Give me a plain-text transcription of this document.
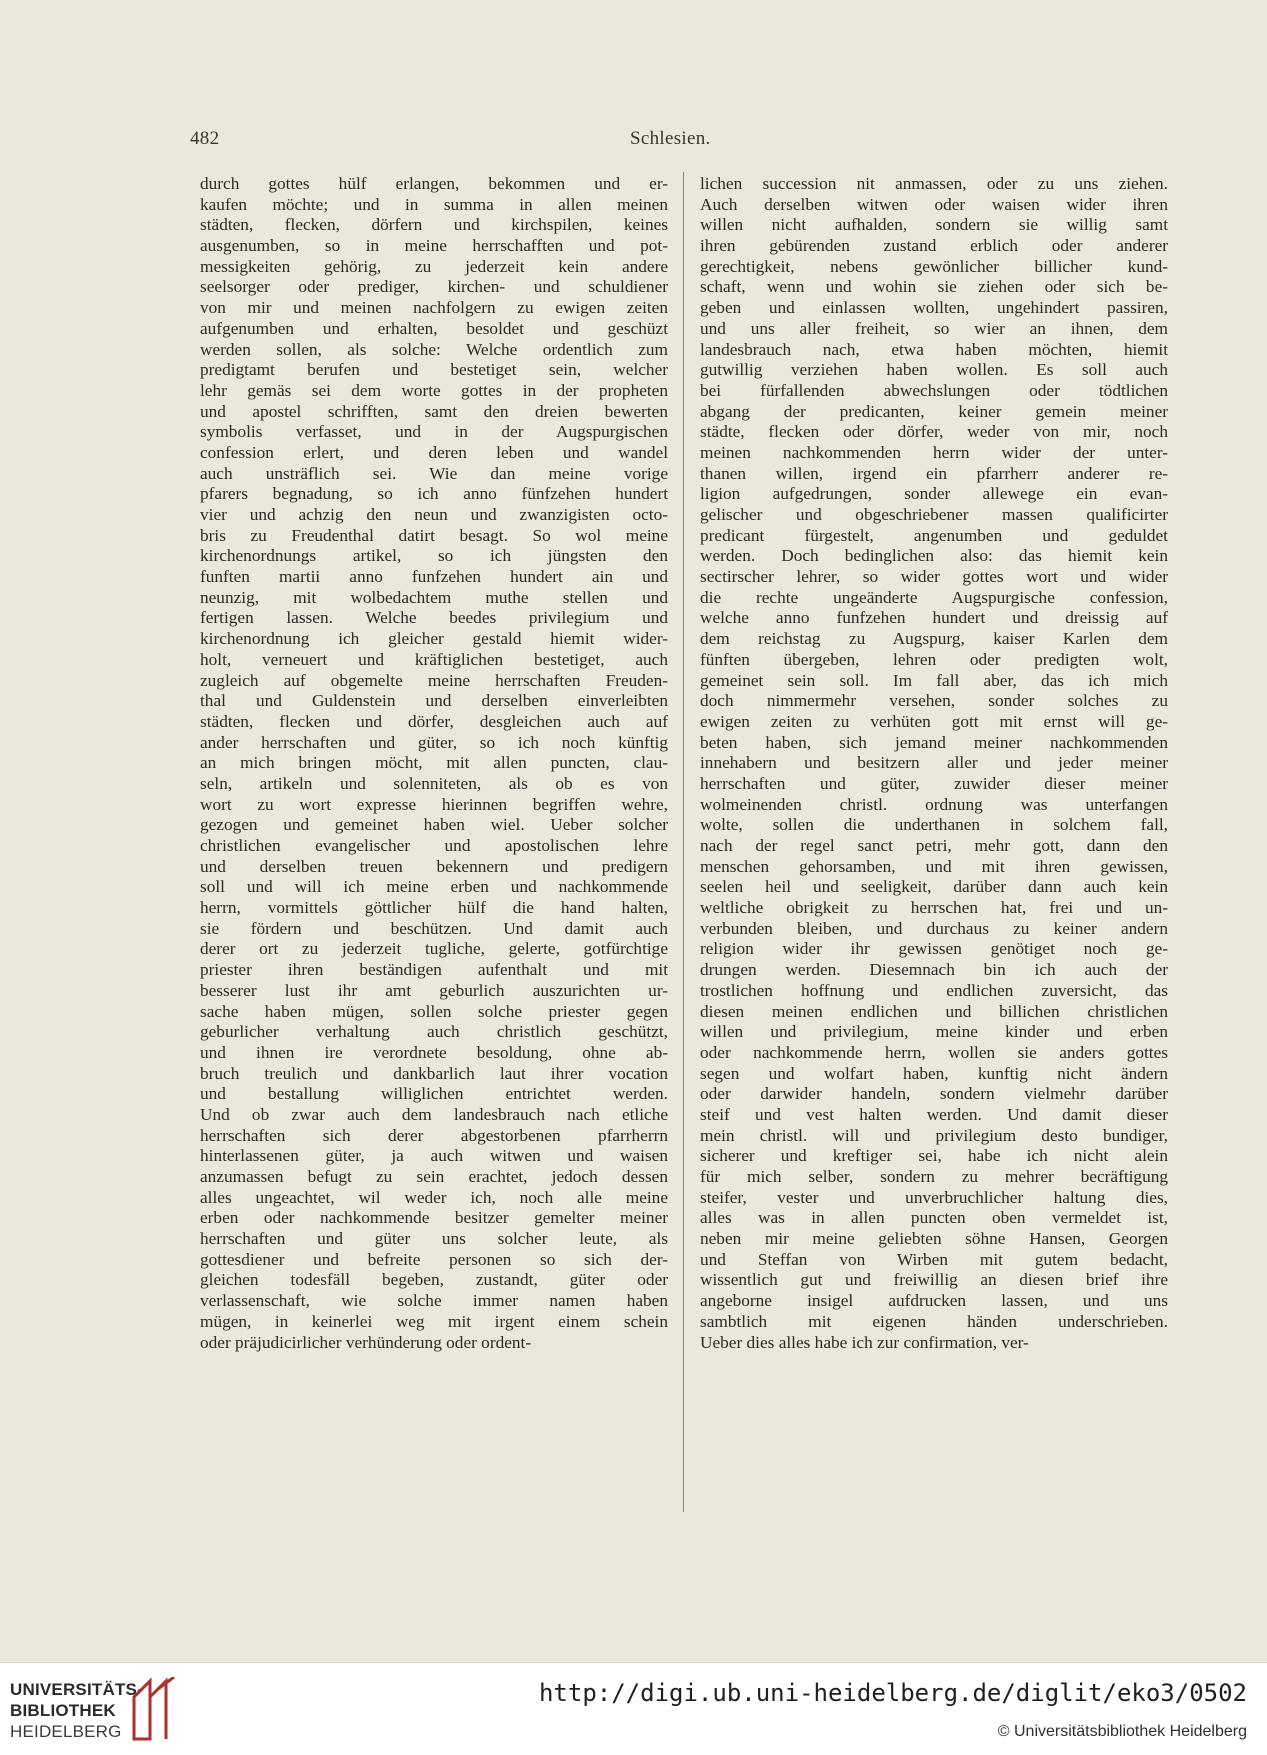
482	Schlesien.
durch gottes hülf erlangen, bekommen und er-
kaufen möchte; und in summa in allen meinen
städten, flecken, dörfern und kirchspilen, keines
ausgenumben, so in meine herrschafften und pot-
messigkeiten gehörig, zu jederzeit kein andere
seelsorger oder prediger, kirchen- und schuldiener
von mir und meinen nachfolgern zu ewigen zeiten
aufgenumben und erhalten, besoldet und geschüzt
werden sollen, als solche: Welche ordentlich zum
predigtamt berufen und bestetiget sein, welcher
lehr gemäs sei dem worte gottes in der propheten
und apostel schrifften, samt den dreien bewerten
symbolis verfasset, und in der Augspurgischen
confession erlert, und deren leben und wandel
auch unsträflich sei. Wie dan meine vorige
pfarers begnadung, so ich anno fünfzehen hundert
vier und achzig den neun und zwanzigisten octo-
bris zu Freudenthal datirt besagt. So wol meine
kirchenordnungs artikel, so ich jüngsten den
funften martii anno funfzehen hundert ain und
neunzig, mit wolbedachtem muthe stellen und
fertigen lassen. Welche beedes privilegium und
kirchenordnung ich gleicher gestald hiemit wider-
holt, verneuert und kräftiglichen bestetiget, auch
zugleich auf obgemelte meine herrschaften Freuden-
thal und Guldenstein und derselben einverleibten
städten, flecken und dörfer, desgleichen auch auf
ander herrschaften und güter, so ich noch künftig
an mich bringen möcht, mit allen puncten, clau-
seln, artikeln und solenniteten, als ob es von
wort zu wort expresse hierinnen begriffen wehre,
gezogen und gemeinet haben wiel. Ueber solcher
christlichen evangelischer und apostolischen lehre
und derselben treuen bekennern und predigern
soll und will ich meine erben und nachkommende
herrn, vormittels göttlicher hülf die hand halten,
sie fördern und beschützen. Und damit auch
derer ort zu jederzeit tugliche, gelerte, gotfürchtige
priester ihren beständigen aufenthalt und mit
besserer lust ihr amt geburlich auszurichten ur-
sache haben mügen, sollen solche priester gegen
geburlicher verhaltung auch christlich geschützt,
und ihnen ire verordnete besoldung, ohne ab-
bruch treulich und dankbarlich laut ihrer vocation
und bestallung williglichen entrichtet werden.
Und ob zwar auch dem landesbrauch nach etliche
herrschaften sich derer abgestorbenen pfarrherrn
hinterlassenen güter, ja auch witwen und waisen
anzumassen befugt zu sein erachtet, jedoch dessen
alles ungeachtet, wil weder ich, noch alle meine
erben oder nachkommende besitzer gemelter meiner
herrschaften und güter uns solcher leute, als
gottesdiener und befreite personen so sich der-
gleichen todesfäll begeben, zustandt, güter oder
verlassenschaft, wie solche immer namen haben
mügen, in keinerlei weg mit irgent einem schein
oder präjudicirlicher verhünderung oder ordent-
lichen succession nit anmassen, oder zu uns ziehen.
Auch derselben witwen oder waisen wider ihren
willen nicht aufhalden, sondern sie willig samt
ihren gebürenden zustand erblich oder anderer
gerechtigkeit, nebens gewönlicher billicher kund-
schaft, wenn und wohin sie ziehen oder sich be-
geben und einlassen wollten, ungehindert passiren,
und uns aller freiheit, so wier an ihnen, dem
landesbrauch nach, etwa haben möchten, hiemit
gutwillig verziehen haben wollen. Es soll auch
bei fürfallenden abwechslungen oder tödtlichen
abgang der predicanten, keiner gemein meiner
städte, flecken oder dörfer, weder von mir, noch
meinen nachkommenden herrn wider der unter-
thanen willen, irgend ein pfarrherr anderer re-
ligion aufgedrungen, sonder allewege ein evan-
gelischer und obgeschriebener massen qualificirter
predicant fürgestelt, angenumben und geduldet
werden. Doch bedinglichen also: das hiemit kein
sectirscher lehrer, so wider gottes wort und wider
die rechte ungeänderte Augspurgische confession,
welche anno funfzehen hundert und dreissig auf
dem reichstag zu Augspurg, kaiser Karlen dem
fünften übergeben, lehren oder predigten wolt,
gemeinet sein soll. Im fall aber, das ich mich
doch nimmermehr versehen, sonder solches zu
ewigen zeiten zu verhüten gott mit ernst will ge-
beten haben, sich jemand meiner nachkommenden
innehabern und besitzern aller und jeder meiner
herrschaften und güter, zuwider dieser meiner
wolmeinenden christl. ordnung was unterfangen
wolte, sollen die underthanen in solchem fall,
nach der regel sanct petri, mehr gott, dann den
menschen gehorsamben, und mit ihren gewissen,
seelen heil und seeligkeit, darüber dann auch kein
weltliche obrigkeit zu herrschen hat, frei und un-
verbunden bleiben, und durchaus zu keiner andern
religion wider ihr gewissen genötiget noch ge-
drungen werden. Diesemnach bin ich auch der
trostlichen hoffnung und endlichen zuversicht, das
diesen meinen endlichen und billichen christlichen
willen und privilegium, meine kinder und erben
oder nachkommende herrn, wollen sie anders gottes
segen und wolfart haben, kunftig nicht ändern
oder darwider handeln, sondern vielmehr darüber
steif und vest halten werden. Und damit dieser
mein christl. will und privilegium desto bundiger,
sicherer und kreftiger sei, habe ich nicht alein
für mich selber, sondern zu mehrer becräftigung
steifer, vester und unverbruchlicher haltung dies,
alles was in allen puncten oben vermeldet ist,
neben mir meine geliebten söhne Hansen, Georgen
und Steffan von Wirben mit gutem bedacht,
wissentlich gut und freiwillig an diesen brief ihre
angeborne insigel aufdrucken lassen, und uns
sambtlich mit eigenen händen underschrieben.
Ueber dies alles habe ich zur confirmation, ver-
UNIVERSITÄTS-
BIBLIOTHEK
HEIDELBERG
http://digi.ub.uni-heidelberg.de/diglit/eko3/0502
© Universitätsbibliothek Heidelberg
